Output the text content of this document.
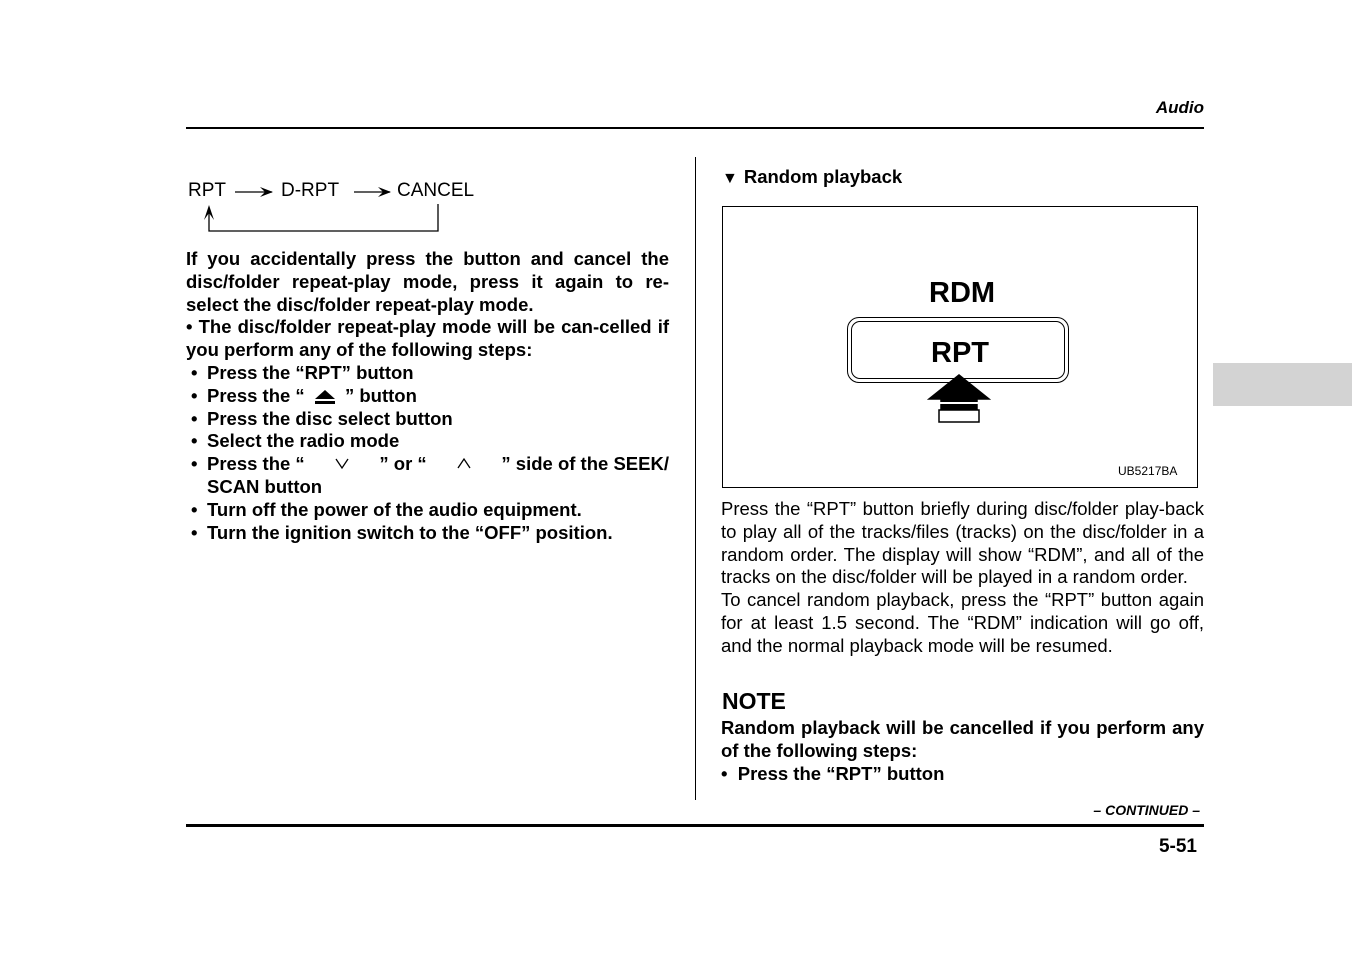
Audio
RPT	D-RPT	CANCEL

If you accidentally press the button and cancel the disc/folder repeat-play mode, press it again to re-select the disc/folder repeat-play mode.

• The disc/folder repeat-play mode will be can-celled if you perform any of the following steps:

• Press the “RPT” button
• Press the “ ” button
• Press the disc select button
• Select the radio mode
• Press the “	” or “	” side of the SEEK/
SCAN button
• Turn off the power of the audio equipment.
• Turn the ignition switch to the “OFF” position.
▼ Random playback
RDM
RPT
UB5217BA

Press the “RPT” button briefly during disc/folder play-back to play all of the tracks/files (tracks) on the disc/folder in a random order. The display will show “RDM”, and all of the tracks on the disc/folder will be played in a random order.

To cancel random playback, press the “RPT” button again for at least 1.5 second. The “RDM” indication will go off, and the normal playback mode will be resumed.

NOTE

Random playback will be cancelled if you perform any of the following steps:

• Press the “RPT” button
– CONTINUED –
5-51
